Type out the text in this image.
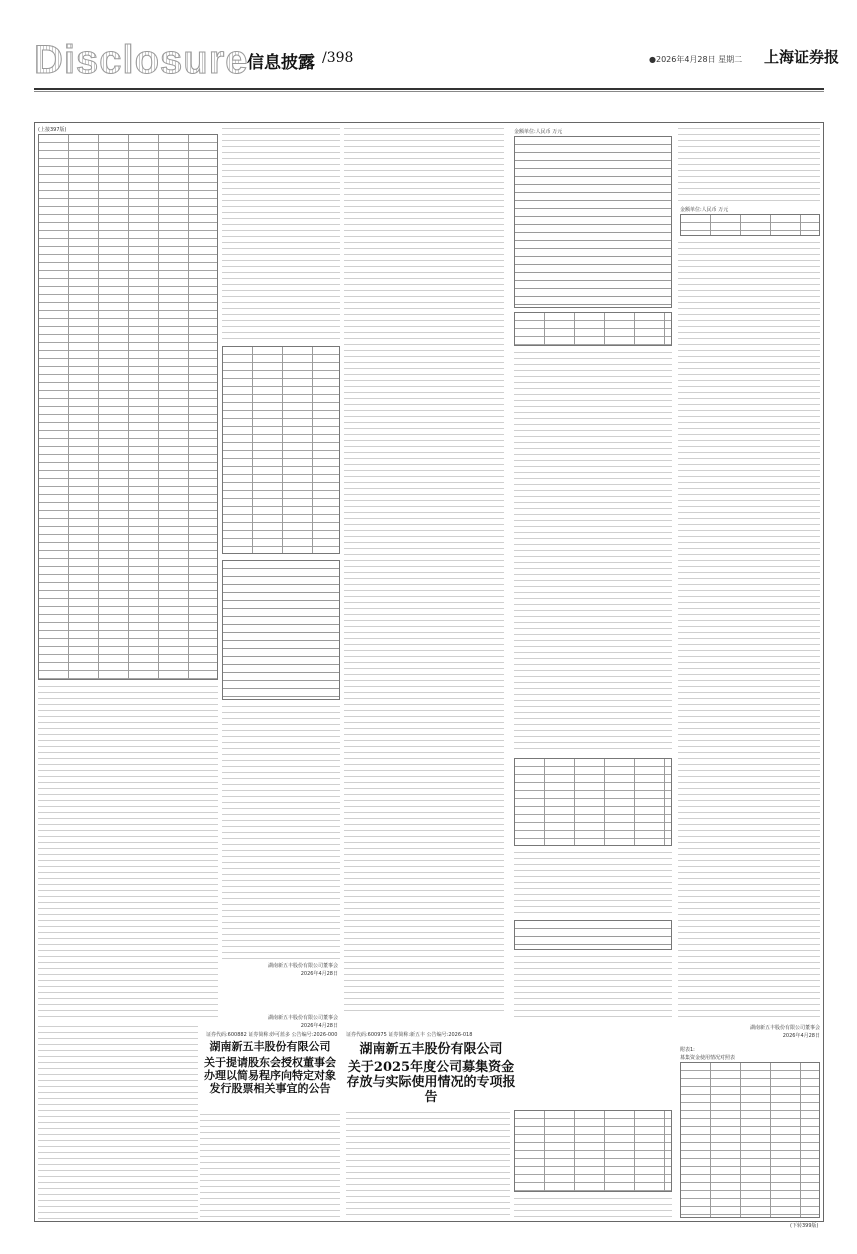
Disclosure
信息披露 /398	●2026年4月28日 星期二 上海证券报
(上接397版)
证券代码:600882 证券简称:妙可蓝多 公告编号:2026-000
湖南新五丰股份有限公司
关于提请股东会授权董事会办理以简易程序向特定对象发行股票相关事宜的公告
湖南新五丰股份有限公司董事会
2026年4月28日
湖南新五丰股份有限公司董事会
2026年4月28日
证券代码:600975 证券简称:新五丰 公告编号:2026-018
湖南新五丰股份有限公司
关于2025年度公司募集资金存放与实际使用情况的专项报告
金额单位:人民币 万元
金额单位:人民币 万元
湖南新五丰股份有限公司董事会
2026年4月28日
附表1:
募集资金使用情况对照表
(下转399版)
